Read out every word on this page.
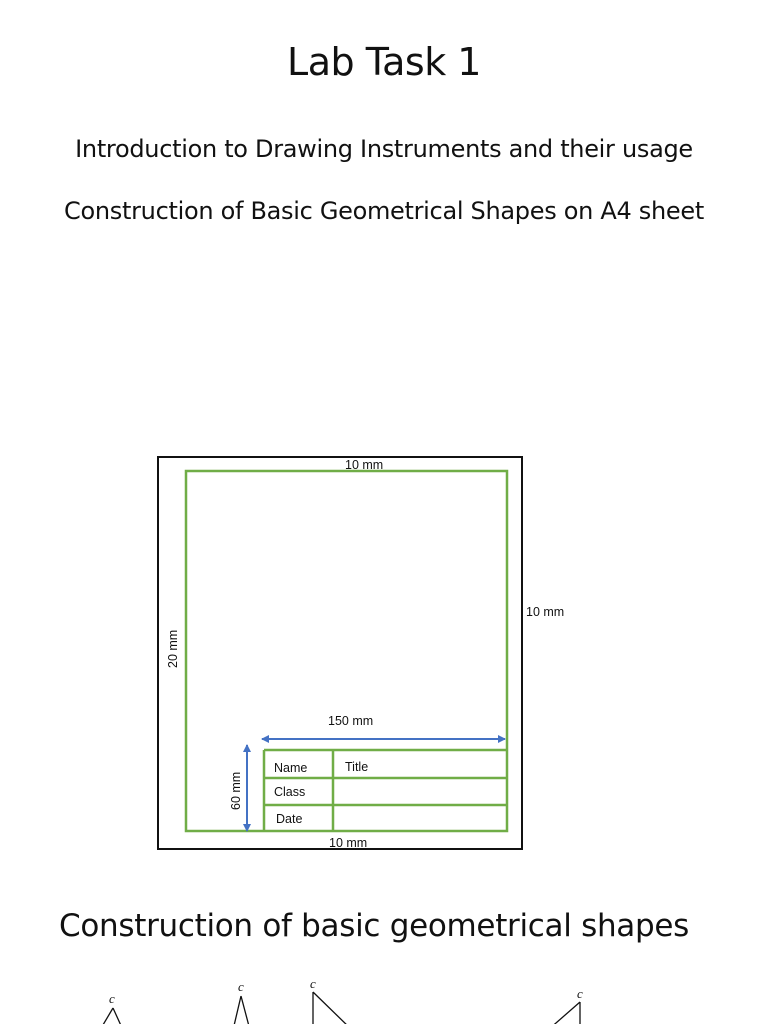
Lab Task 1
Introduction to Drawing Instruments and their usage
Construction of Basic Geometrical Shapes on A4 sheet
Name	Title
Class
Date
10 mm
10 mm
20 mm
10 mm
150 mm
60 mm
c
c	c
c
Construction of basic geometrical shapes
